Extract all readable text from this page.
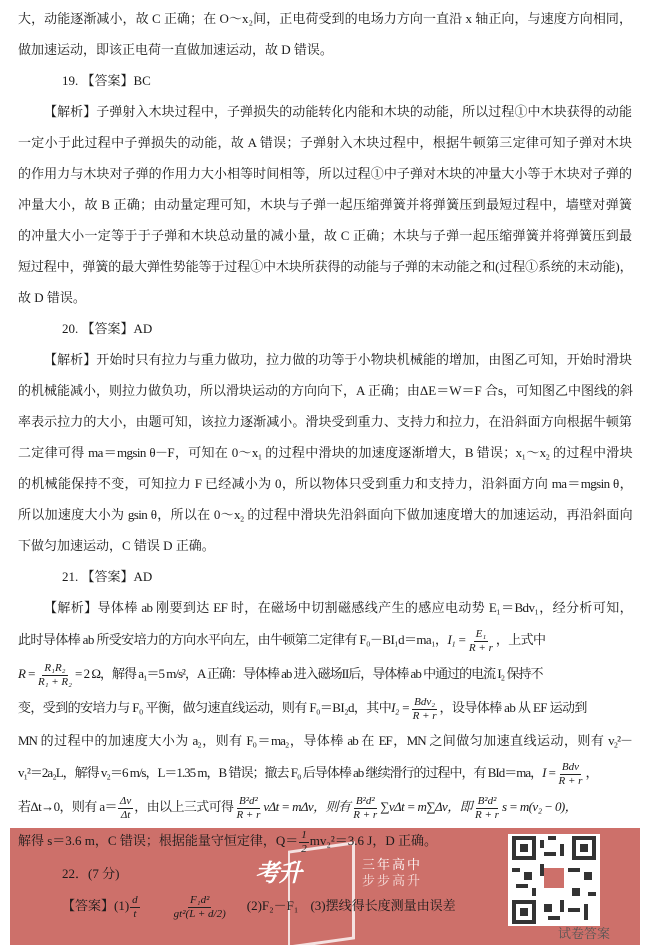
大，动能逐渐减小，故 C 正确；在 O～x₂间，正电荷受到的电场力方向一直沿 x 轴正向，与速度方向相同，
做加速运动，即该正电荷一直做加速运动，故 D 错误。
19. 【答案】BC
【解析】子弹射入木块过程中，子弹损失的动能转化内能和木块的动能，所以过程①中木块获得的动能
一定小于此过程中子弹损失的动能，故 A 错误；子弹射入木块过程中，根据牛顿第三定律可知子弹对木块
的作用力与木块对子弹的作用力大小相等时间相等，所以过程①中子弹对木块的冲量大小等于木块对子弹的
冲量大小，故 B 正确；由动量定理可知，木块与子弹一起压缩弹簧并将弹簧压到最短过程中，墙壁对弹簧
的冲量大小一定等于于子弹和木块总动量的减小量，故 C 正确；木块与子弹一起压缩弹簧并将弹簧压到最
短过程中，弹簧的最大弹性势能等于过程①中木块所获得的动能与子弹的末动能之和(过程①系统的末动能)，
故 D 错误。
20. 【答案】AD
【解析】开始时只有拉力与重力做功，拉力做的功等于小物块机械能的增加，由图乙可知，开始时滑块
的机械能减小，则拉力做负功，所以滑块运动的方向向下，A 正确；由ΔE＝W＝F 合s，可知图乙中图线的斜
率表示拉力的大小，由题可知，该拉力逐渐减小。滑块受到重力、支持力和拉力，在沿斜面方向根据牛顿第
二定律可得 ma＝mgsin θ－F，可知在 0～x₁ 的过程中滑块的加速度逐渐增大，B 错误；x₁～x₂ 的过程中滑块
的机械能保持不变，可知拉力 F 已经减小为 0，所以物体只受到重力和支持力，沿斜面方向 ma＝mgsin θ，
所以加速度大小为 gsin θ，所以在 0～x₂ 的过程中滑块先沿斜面向下做加速度增大的加速运动，再沿斜面向
下做匀加速运动，C 错误 D 正确。
21. 【答案】AD
【解析】导体棒 ab 刚要到达 EF 时，在磁场中切割磁感线产生的感应电动势 E₁＝Bdv₁，经分析可知，
此时导体棒 ab 所受安培力的方向水平向左，由牛顿第二定律有 F₀－BI₁d＝ma₁，$I_1 = \frac{\text{E₁}}{R + r}$ ，上式中
$R = \frac{\text{R₁R₂}}{\text{R₁ + R₂}} = 2$ Ω，解得 a₁＝5 m/s²，A 正确：导体棒 ab 进入磁场II后，导体棒 ab 中通过的电流 I₂ 保持不
变，受到的安培力与 F₀ 平衡，做匀速直线运动，则有 F₀＝BI₂d，其中$I_2 = \frac{\text{Bdv₂}}{R + r}$ ，设导体棒 ab 从 EF 运动到
MN 的过程中的加速度大小为 a₂，则有 F₀＝ma₂，导体棒 ab 在 EF，MN 之间做匀加速直线运动，则有 v₂²－
v₁²＝2a₂L，解得 v₂＝6 m/s，L＝1.35 m，B 错误；撤去 F₀ 后导体棒 ab 继续滑行的过程中，有 BId＝ma，$I = \frac{\text{Bdv}}{R + r}$ ，
若Δt→0，则有 $a= \frac{\Delta v}{\Delta t}$ ，由以上三式可得 $\frac{\text{B²d²}}{R + r}$ vΔt = mΔv，则有 $\frac{\text{B²d²}}{R + r} \sum v\Delta t = m\sum\Delta v$，即 $\frac{\text{B²d²}}{R + r}$ s = m(v₂ − 0)，
解得 s＝3.6 m，C 错误；根据能量守恒定律，$Q= \frac{1}{2} mv_2^2=3.6$ J，D 正确。
22．(7 分)
【答案】$(1) \frac{d}{t}$	$\frac{\text{F₁d²}}{\text{gt²(L + d/2)}} (2)F_2-F_1$ (3)摆线得长度测量由误差
考升	三年高中
步步高升
试卷答案
